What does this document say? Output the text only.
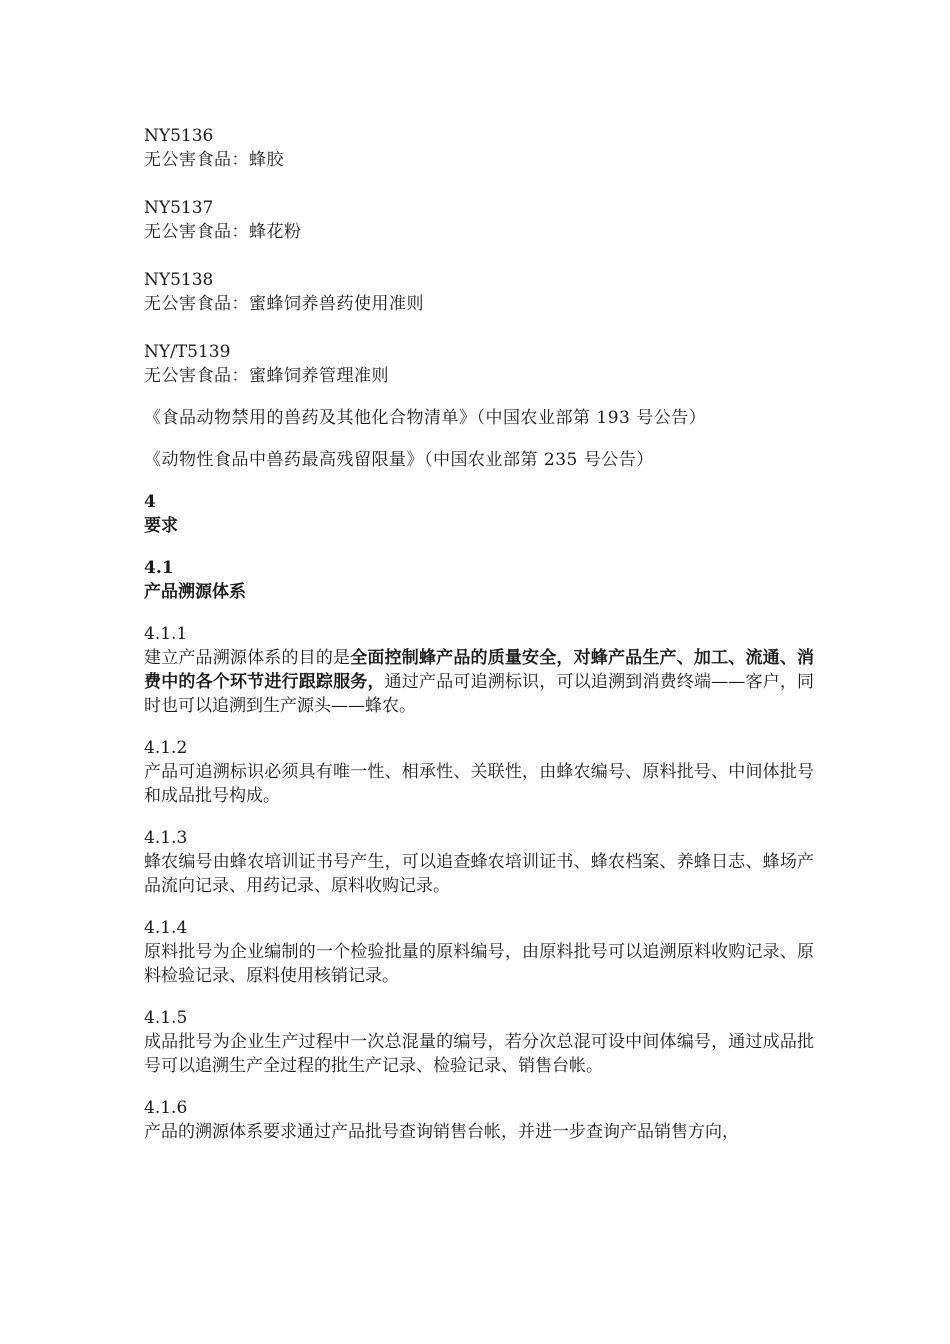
NY5136
无公害食品：蜂胶
NY5137
无公害食品：蜂花粉
NY5138
无公害食品：蜜蜂饲养兽药使用准则
NY/T5139
无公害食品：蜜蜂饲养管理准则
《食品动物禁用的兽药及其他化合物清单》（中国农业部第 193 号公告）
《动物性食品中兽药最高残留限量》（中国农业部第 235 号公告）
4
要求
4.1
产品溯源体系
4.1.1
建立产品溯源体系的目的是全面控制蜂产品的质量安全，对蜂产品生产、加工、流通、消费中的各个环节进行跟踪服务，通过产品可追溯标识，可以追溯到消费终端——客户，同时也可以追溯到生产源头——蜂农。
4.1.2
产品可追溯标识必须具有唯一性、相承性、关联性，由蜂农编号、原料批号、中间体批号和成品批号构成。
4.1.3
蜂农编号由蜂农培训证书号产生，可以追查蜂农培训证书、蜂农档案、养蜂日志、蜂场产品流向记录、用药记录、原料收购记录。
4.1.4
原料批号为企业编制的一个检验批量的原料编号，由原料批号可以追溯原料收购记录、原料检验记录、原料使用核销记录。
4.1.5
成品批号为企业生产过程中一次总混量的编号，若分次总混可设中间体编号，通过成品批号可以追溯生产全过程的批生产记录、检验记录、销售台帐。
4.1.6
产品的溯源体系要求通过产品批号查询销售台帐，并进一步查询产品销售方向，
